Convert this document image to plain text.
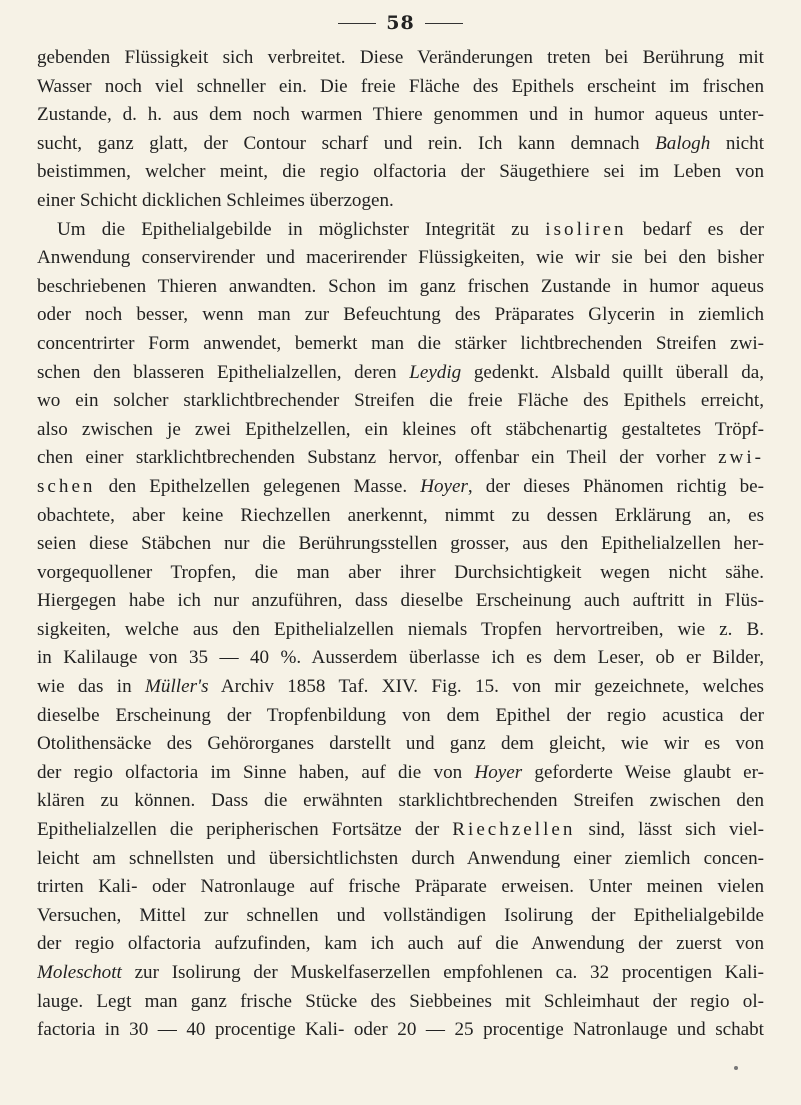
58
gebenden Flüssigkeit sich verbreitet. Diese Veränderungen treten bei Berührung mit
Wasser noch viel schneller ein. Die freie Fläche des Epithels erscheint im frischen
Zustande, d. h. aus dem noch warmen Thiere genommen und in humor aqueus unter-
sucht, ganz glatt, der Contour scharf und rein. Ich kann demnach Balogh nicht
beistimmen, welcher meint, die regio olfactoria der Säugethiere sei im Leben von
einer Schicht dicklichen Schleimes überzogen.
Um die Epithelialgebilde in möglichster Integrität zu isoliren bedarf es der
Anwendung conservirender und macerirender Flüssigkeiten, wie wir sie bei den bisher
beschriebenen Thieren anwandten. Schon im ganz frischen Zustande in humor aqueus
oder noch besser, wenn man zur Befeuchtung des Präparates Glycerin in ziemlich
concentrirter Form anwendet, bemerkt man die stärker lichtbrechenden Streifen zwi-
schen den blasseren Epithelialzellen, deren Leydig gedenkt. Alsbald quillt überall da,
wo ein solcher starklichtbrechender Streifen die freie Fläche des Epithels erreicht,
also zwischen je zwei Epithelzellen, ein kleines oft stäbchenartig gestaltetes Tröpf-
chen einer starklichtbrechenden Substanz hervor, offenbar ein Theil der vorher zwi-
schen den Epithelzellen gelegenen Masse. Hoyer, der dieses Phänomen richtig be-
obachtete, aber keine Riechzellen anerkennt, nimmt zu dessen Erklärung an, es
seien diese Stäbchen nur die Berührungsstellen grosser, aus den Epithelialzellen her-
vorgequollener Tropfen, die man aber ihrer Durchsichtigkeit wegen nicht sähe.
Hiergegen habe ich nur anzuführen, dass dieselbe Erscheinung auch auftritt in Flüs-
sigkeiten, welche aus den Epithelialzellen niemals Tropfen hervortreiben, wie z. B.
in Kalilauge von 35 — 40 %. Ausserdem überlasse ich es dem Leser, ob er Bilder,
wie das in Müller's Archiv 1858 Taf. XIV. Fig. 15. von mir gezeichnete, welches
dieselbe Erscheinung der Tropfenbildung von dem Epithel der regio acustica der
Otolithensäcke des Gehörorganes darstellt und ganz dem gleicht, wie wir es von
der regio olfactoria im Sinne haben, auf die von Hoyer geforderte Weise glaubt er-
klären zu können. Dass die erwähnten starklichtbrechenden Streifen zwischen den
Epithelialzellen die peripherischen Fortsätze der Riechzellen sind, lässt sich viel-
leicht am schnellsten und übersichtlichsten durch Anwendung einer ziemlich concen-
trirten Kali- oder Natronlauge auf frische Präparate erweisen. Unter meinen vielen
Versuchen, Mittel zur schnellen und vollständigen Isolirung der Epithelialgebilde
der regio olfactoria aufzufinden, kam ich auch auf die Anwendung der zuerst von
Moleschott zur Isolirung der Muskelfaserzellen empfohlenen ca. 32 procentigen Kali-
lauge. Legt man ganz frische Stücke des Siebbeines mit Schleimhaut der regio ol-
factoria in 30 — 40 procentige Kali- oder 20 — 25 procentige Natronlauge und schabt
